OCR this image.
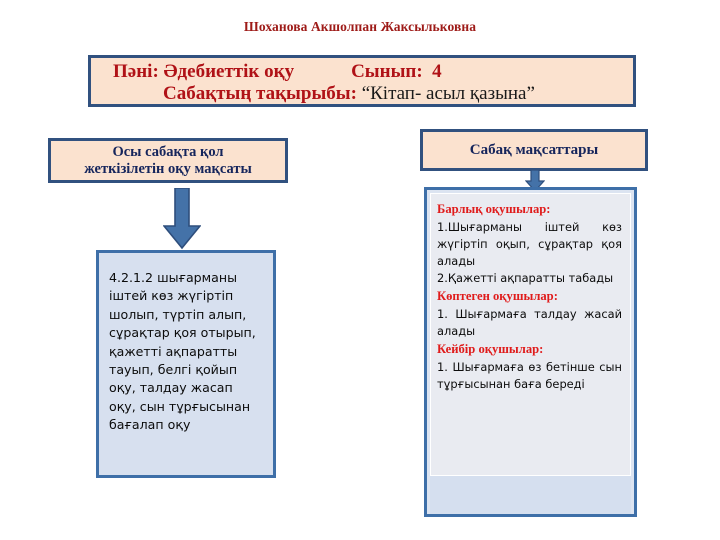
Шоханова Акшолпан Жаксыльковна
Пәні: Әдебиеттік оқу            Сынып:  4
Сабақтың тақырыбы: “Кітап- асыл қазына”
Осы сабақта қол
жеткізілетін оқу мақсаты

4.2.1.2 шығарманы іштей көз жүгіртіп шолып, түртіп алып, сұрақтар қоя отырып, қажетті ақпаратты тауып, белгі қойып оқу, талдау жасап оқу, сын тұрғысынан бағалап оқу

Сабақ мақсаттары

Барлық оқушылар:

1.Шығарманы іштей көз жүгіртіп оқып, сұрақтар қоя алады

2.Қажетті ақпаратты табады

Көптеген оқушылар:

1. Шығармаға талдау жасай алады

Кейбір оқушылар:

1. Шығармаға өз бетінше сын тұрғысынан баға береді
